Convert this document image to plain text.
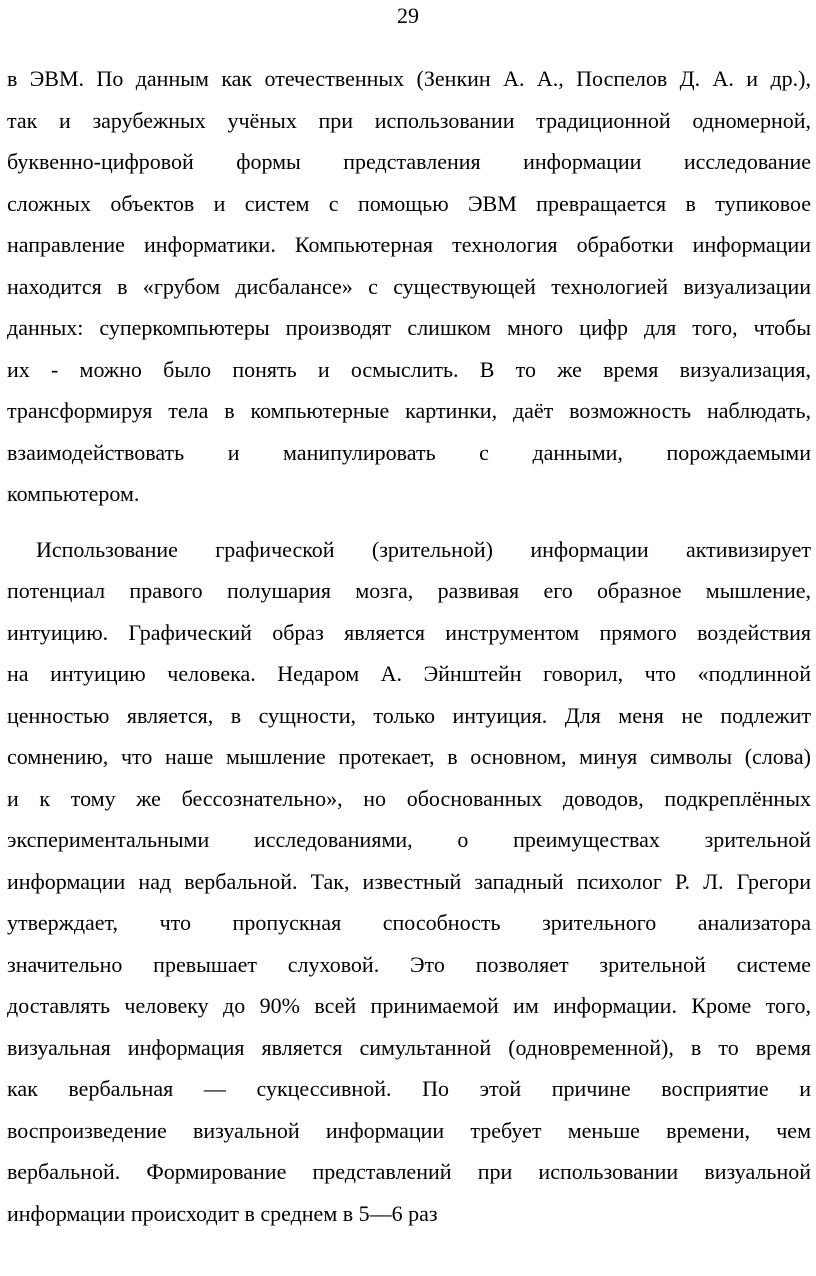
29
в ЭВМ. По данным как отечественных (Зенкин А. А., Поспелов Д. А. и др.),
так и зарубежных учёных при использовании традиционной одномерной,
буквенно-цифровой формы представления информации исследование
сложных объектов и систем с помощью ЭВМ превращается в тупиковое
направление информатики. Компьютерная технология обработки информации
находится в «грубом дисбалансе» с существующей технологией визуализации
данных: суперкомпьютеры производят слишком много цифр для того, чтобы
их - можно было понять и осмыслить. В то же время визуализация,
трансформируя тела в компьютерные картинки, даёт возможность наблюдать,
взаимодействовать и манипулировать с данными, порождаемыми
компьютером.
Использование графической (зрительной) информации активизирует
потенциал правого полушария мозга, развивая его образное мышление,
интуицию. Графический образ является инструментом прямого воздействия
на интуицию человека. Недаром А. Эйнштейн говорил, что «подлинной
ценностью является, в сущности, только интуиция. Для меня не подлежит
сомнению, что наше мышление протекает, в основном, минуя символы (слова)
и к тому же бессознательно», но обоснованных доводов, подкреплённых
экспериментальными исследованиями, о преимуществах зрительной
информации над вербальной. Так, известный западный психолог Р. Л. Грегори
утверждает, что пропускная способность зрительного анализатора
значительно превышает слуховой. Это позволяет зрительной системе
доставлять человеку до 90% всей принимаемой им информации. Кроме того,
визуальная информация является симультанной (одновременной), в то время
как вербальная — сукцессивной. По этой причине восприятие и
воспроизведение визуальной информации требует меньше времени, чем
вербальной. Формирование представлений при использовании визуальной
информации происходит в среднем в 5—6 раз
